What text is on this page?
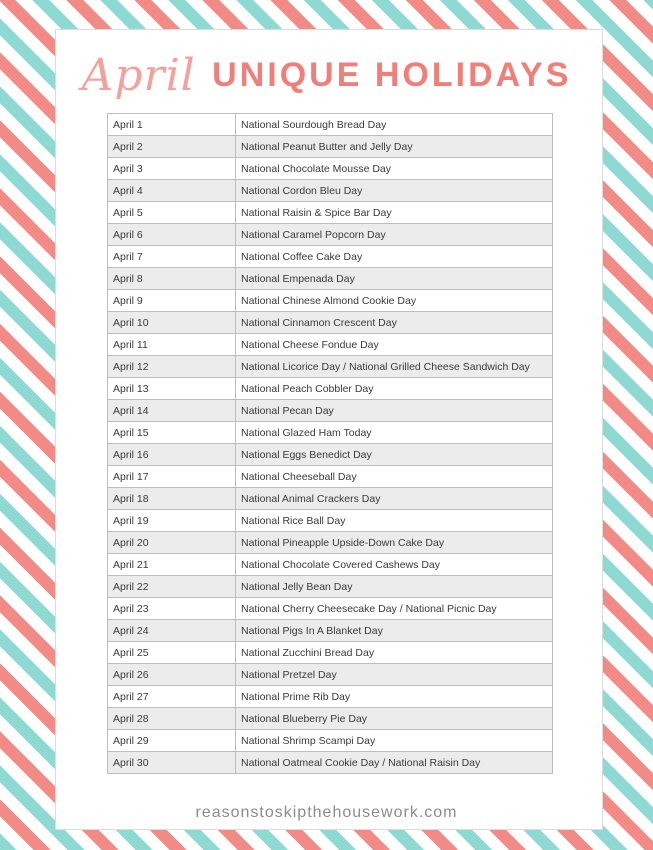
April UNIQUE HOLIDAYS
April 1	National Sourdough Bread Day
April 2	National Peanut Butter and Jelly Day
April 3	National Chocolate Mousse Day
April 4	National Cordon Bleu Day
April 5	National Raisin & Spice Bar Day
April 6	National Caramel Popcorn Day
April 7	National Coffee Cake Day
April 8	National Empenada Day
April 9	National Chinese Almond Cookie Day
April 10	National Cinnamon Crescent Day
April 11	National Cheese Fondue Day
April 12	National Licorice Day / National Grilled Cheese Sandwich Day
April 13	National Peach Cobbler Day
April 14	National Pecan Day
April 15	National Glazed Ham Today
April 16	National Eggs Benedict Day
April 17	National Cheeseball Day
April 18	National Animal Crackers Day
April 19	National Rice Ball Day
April 20	National Pineapple Upside-Down Cake Day
April 21	National Chocolate Covered Cashews Day
April 22	National Jelly Bean Day
April 23	National Cherry Cheesecake Day / National Picnic Day
April 24	National Pigs In A Blanket Day
April 25	National Zucchini Bread Day
April 26	National Pretzel Day
April 27	National Prime Rib Day
April 28	National Blueberry Pie Day
April 29	National Shrimp Scampi Day
April 30	National Oatmeal Cookie Day / National Raisin Day
reasonstoskipthehousework.com
